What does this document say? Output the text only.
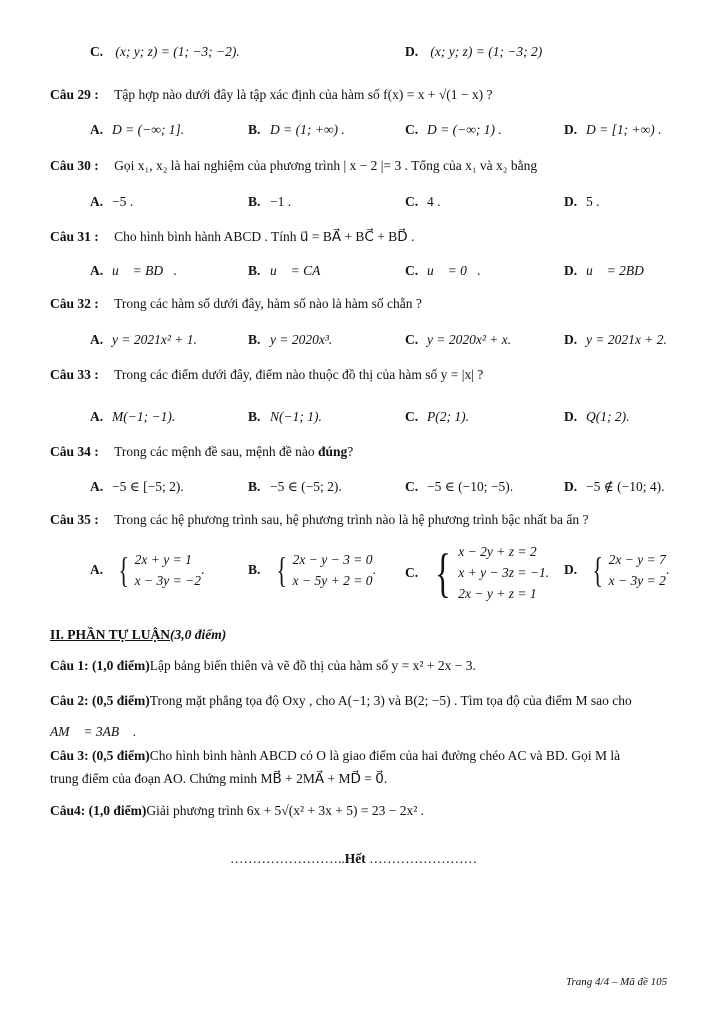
C. (x; y; z) = (1; −3; −2).	D. (x; y; z) = (1; −3; 2)
Câu 29 : Tập hợp nào dưới đây là tập xác định của hàm số f(x) = x + √(1 − x) ?
A. D = (−∞; 1].	B. D = (1; +∞) .	C. D = (−∞; 1) .	D. D = [1; +∞) .
Câu 30 : Gọi x₁, x₂ là hai nghiệm của phương trình | x − 2 |= 3 . Tổng của x₁ và x₂ bằng
A. −5 .	B. −1 .	C. 4 .	D. 5 .
Câu 31 : Cho hình bình hành ABCD . Tính u⃗ = BA⃗ + BC⃗ + BD⃗ .
A. u⃗ = BD⃗.	B. u⃗ = CA⃗	C. u⃗ = 0⃗.	D. u⃗ = 2BD⃗
Câu 32 : Trong các hàm số dưới đây, hàm số nào là hàm số chẵn ?
A. y = 2021x² + 1.	B. y = 2020x³.	C. y = 2020x² + x.	D. y = 2021x + 2.
Câu 33 : Trong các điểm dưới đây, điểm nào thuộc đồ thị của hàm số y = |x| ?
A. M(−1; −1).	B. N(−1; 1).	C. P(2; 1).	D. Q(1; 2).
Câu 34 : Trong các mệnh đề sau, mệnh đề nào đúng?
A. −5 ∈ [−5; 2).	B. −5 ∈ (−5; 2).	C. −5 ∈ (−10; −5).	D. −5 ∉ (−10; 4).
Câu 35 : Trong các hệ phương trình sau, hệ phương trình nào là hệ phương trình bậc nhất ba ẩn ?
A. { 2x + y = 1
x − 3y = −2
.	B. { 2x − y − 3 = 0
x − 5y + 2 = 0
. C. { x − 2y + z = 2
x + y − 3z = −1.
2x − y + z = 1
D. { 2x − y = 7
x − 3y = 2
.
II. PHẦN TỰ LUẬN(3,0 điểm)
Câu 1: (1,0 điểm)Lập bảng biến thiên và vẽ đồ thị của hàm số y = x² + 2x − 3.
Câu 2: (0,5 điểm)Trong mặt phẳng tọa độ Oxy , cho A(−1; 3) và B(2; −5) . Tìm tọa độ của điểm M sao cho
AM⃗ = 3AB⃗ .
Câu 3: (0,5 điểm)Cho hình bình hành ABCD có O là giao điểm của hai đường chéo AC và BD. Gọi M là
trung điểm của đoạn AO. Chứng minh MB⃗ + 2MA⃗ + MD⃗ = 0⃗.
Câu4: (1,0 điểm)Giải phương trình 6x + 5√(x² + 3x + 5) = 23 − 2x² .
……………………..Hết ……………………
Trang 4/4 – Mã đề 105
